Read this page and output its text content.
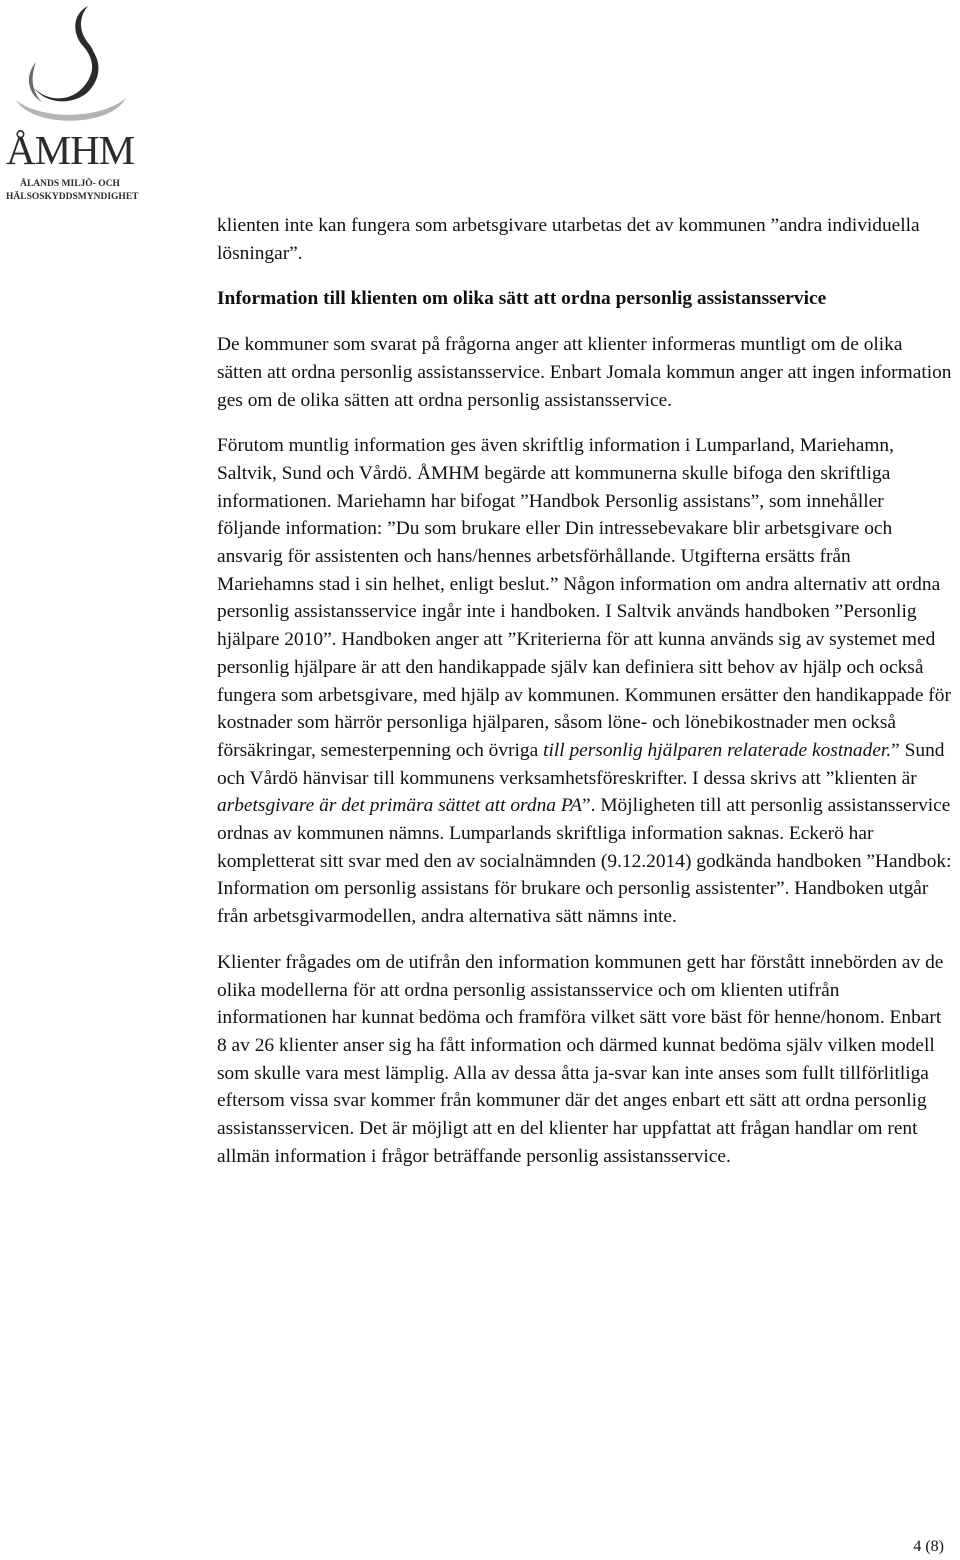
ÅMHM
ÅLANDS MILJÖ- OCH
HÄLSOSKYDDSMYNDIGHET

klienten inte kan fungera som arbetsgivare utarbetas det av kommunen ”andra individuella lösningar”.

Information till klienten om olika sätt att ordna personlig assistansservice

De kommuner som svarat på frågorna anger att klienter informeras muntligt om de olika sätten att ordna personlig assistansservice. Enbart Jomala kommun anger att ingen information ges om de olika sätten att ordna personlig assistansservice.

Förutom muntlig information ges även skriftlig information i Lumparland, Mariehamn, Saltvik, Sund och Vårdö. ÅMHM begärde att kommunerna skulle bifoga den skriftliga informationen. Mariehamn har bifogat ”Handbok Personlig assistans”, som innehåller följande information: ”Du som brukare eller Din intressebevakare blir arbetsgivare och ansvarig för assistenten och hans/hennes arbetsförhållande. Utgifterna ersätts från Mariehamns stad i sin helhet, enligt beslut.” Någon information om andra alternativ att ordna personlig assistansservice ingår inte i handboken. I Saltvik används handboken ”Personlig hjälpare 2010”. Handboken anger att ”Kriterierna för att kunna används sig av systemet med personlig hjälpare är att den handikappade själv kan definiera sitt behov av hjälp och också fungera som arbetsgivare, med hjälp av kommunen. Kommunen ersätter den handikappade för kostnader som härrör personliga hjälparen, såsom löne- och lönebikostnader men också försäkringar, semesterpenning och övriga till personlig hjälparen relaterade kostnader.” Sund och Vårdö hänvisar till kommunens verksamhetsföreskrifter. I dessa skrivs att ”klienten är arbetsgivare är det primära sättet att ordna PA”. Möjligheten till att personlig assistansservice ordnas av kommunen nämns. Lumparlands skriftliga information saknas. Eckerö har kompletterat sitt svar med den av socialnämnden (9.12.2014) godkända handboken ”Handbok: Information om personlig assistans för brukare och personlig assistenter”. Handboken utgår från arbetsgivarmodellen, andra alternativa sätt nämns inte.

Klienter frågades om de utifrån den information kommunen gett har förstått innebörden av de olika modellerna för att ordna personlig assistansservice och om klienten utifrån informationen har kunnat bedöma och framföra vilket sätt vore bäst för henne/honom. Enbart 8 av 26 klienter anser sig ha fått information och därmed kunnat bedöma själv vilken modell som skulle vara mest lämplig. Alla av dessa åtta ja-svar kan inte anses som fullt tillförlitliga eftersom vissa svar kommer från kommuner där det anges enbart ett sätt att ordna personlig assistansservicen. Det är möjligt att en del klienter har uppfattat att frågan handlar om rent allmän information i frågor beträffande personlig assistansservice.

4 (8)
